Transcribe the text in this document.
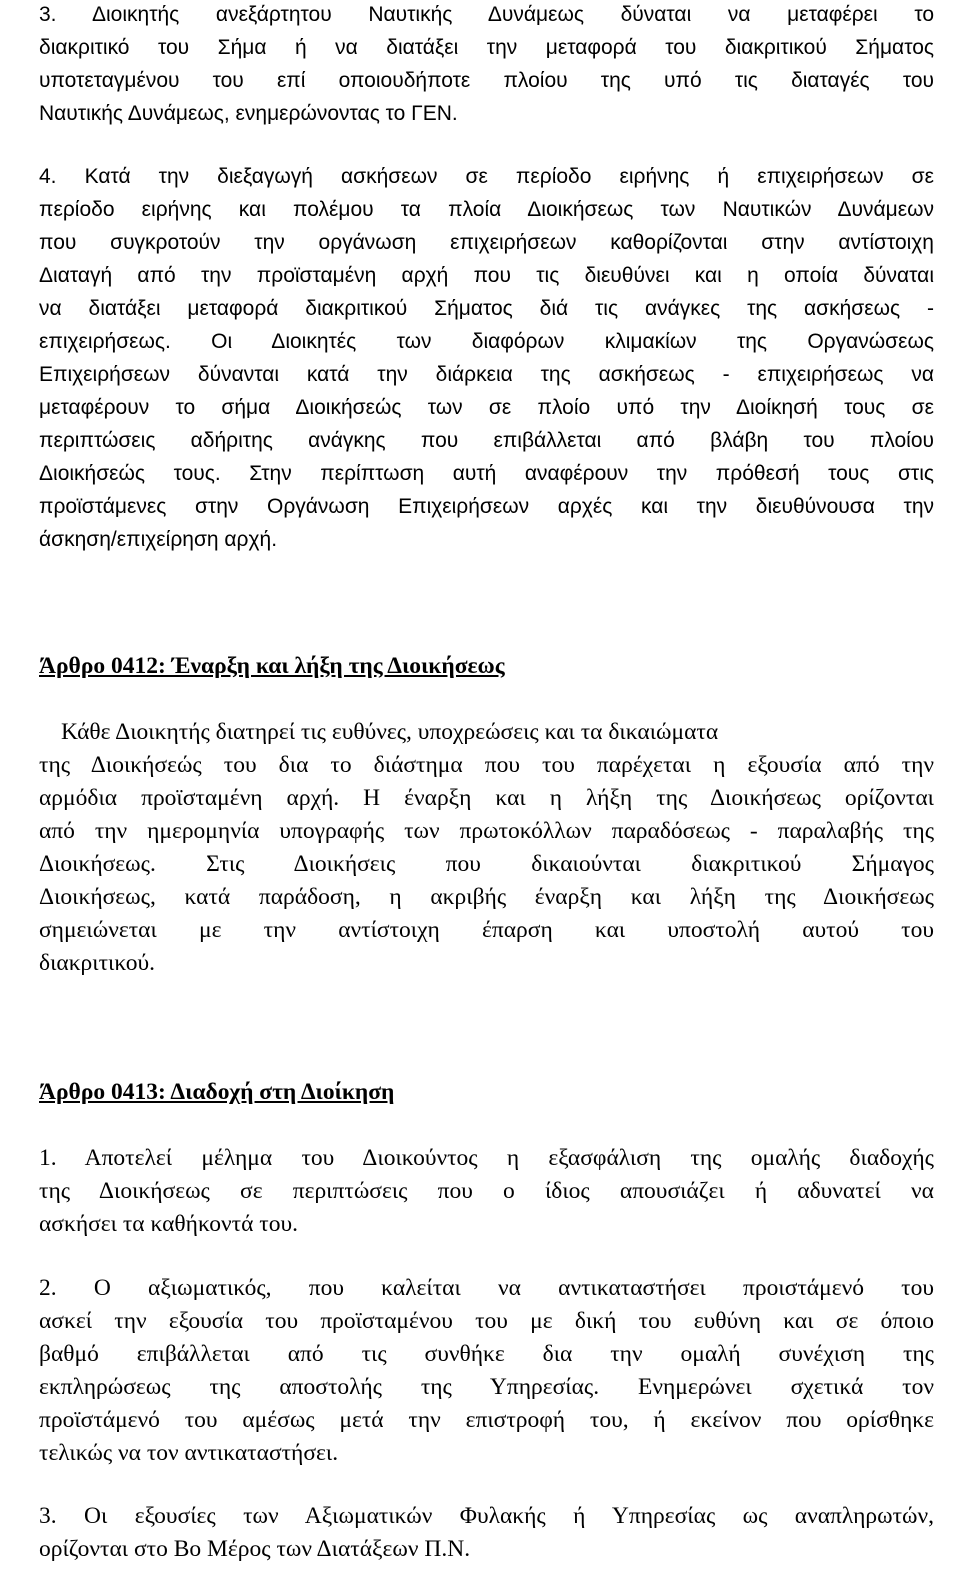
3. Διοικητής ανεξάρτητου Ναυτικής Δυνάμεως δύναται να μεταφέρει το
διακριτικό του Σήμα ή να διατάξει την μεταφορά του διακριτικού Σήματος
υποτεταγμένου του επί οποιουδήποτε πλοίου της υπό τις διαταγές του
Ναυτικής Δυνάμεως, ενημερώνοντας το ΓΕΝ.
4. Κατά την διεξαγωγή ασκήσεων σε περίοδο ειρήνης ή επιχειρήσεων σε
περίοδο ειρήνης και πολέμου τα πλοία Διοικήσεως των Ναυτικών Δυνάμεων
που συγκροτούν την οργάνωση επιχειρήσεων καθορίζονται στην αντίστοιχη
Διαταγή από την προϊσταμένη αρχή που τις διευθύνει και η οποία δύναται
να διατάξει μεταφορά διακριτικού Σήματος διά τις ανάγκες της ασκήσεως -
επιχειρήσεως. Οι Διοικητές των διαφόρων κλιμακίων της Οργανώσεως
Επιχειρήσεων δύνανται κατά την διάρκεια της ασκήσεως - επιχειρήσεως να
μεταφέρουν το σήμα Διοικήσεώς των σε πλοίο υπό την Διοίκησή τους σε
περιπτώσεις αδήριτης ανάγκης που επιβάλλεται από βλάβη του πλοίου
Διοικήσεώς τους. Στην περίπτωση αυτή αναφέρουν την πρόθεσή τους στις
προϊστάμενες στην Οργάνωση Επιχειρήσεων αρχές και την διευθύνουσα την
άσκηση/επιχείρηση αρχή.
Άρθρο 0412: Έναρξη και λήξη της Διοικήσεως
Κάθε Διοικητής διατηρεί τις ευθύνες, υποχρεώσεις και τα δικαιώματα
της Διοικήσεώς του δια το διάστημα που του παρέχεται η εξουσία από την
αρμόδια προϊσταμένη αρχή. Η έναρξη και η λήξη της Διοικήσεως ορίζονται
από την ημερομηνία υπογραφής των πρωτοκόλλων παραδόσεως - παραλαβής της
Διοικήσεως. Στις Διοικήσεις που δικαιούνται διακριτικού Σήμαγος
Διοικήσεως, κατά παράδοση, η ακριβής έναρξη και λήξη της Διοικήσεως
σημειώνεται με την αντίστοιχη έπαρση και υποστολή αυτού του
διακριτικού.
Άρθρο 0413: Διαδοχή στη Διοίκηση
1. Αποτελεί μέλημα του Διοικούντος η εξασφάλιση της ομαλής διαδοχής
της Διοικήσεως σε περιπτώσεις που ο ίδιος απουσιάζει ή αδυνατεί να
ασκήσει τα καθήκοντά του.
2. Ο αξιωματικός, που καλείται να αντικαταστήσει προιστάμενό του
ασκεί την εξουσία του προϊσταμένου του με δική του ευθύνη και σε όποιο
βαθμό επιβάλλεται από τις συνθήκε δια την ομαλή συνέχιση της
εκπληρώσεως της αποστολής της Υπηρεσίας. Ενημερώνει σχετικά τον
προϊστάμενό του αμέσως μετά την επιστροφή του, ή εκείνον που ορίσθηκε
τελικώς να τον αντικαταστήσει.
3. Οι εξουσίες των Αξιωματικών Φυλακής ή Υπηρεσίας ως αναπληρωτών,
ορίζονται στο Βο Μέρος των Διατάξεων Π.Ν.
